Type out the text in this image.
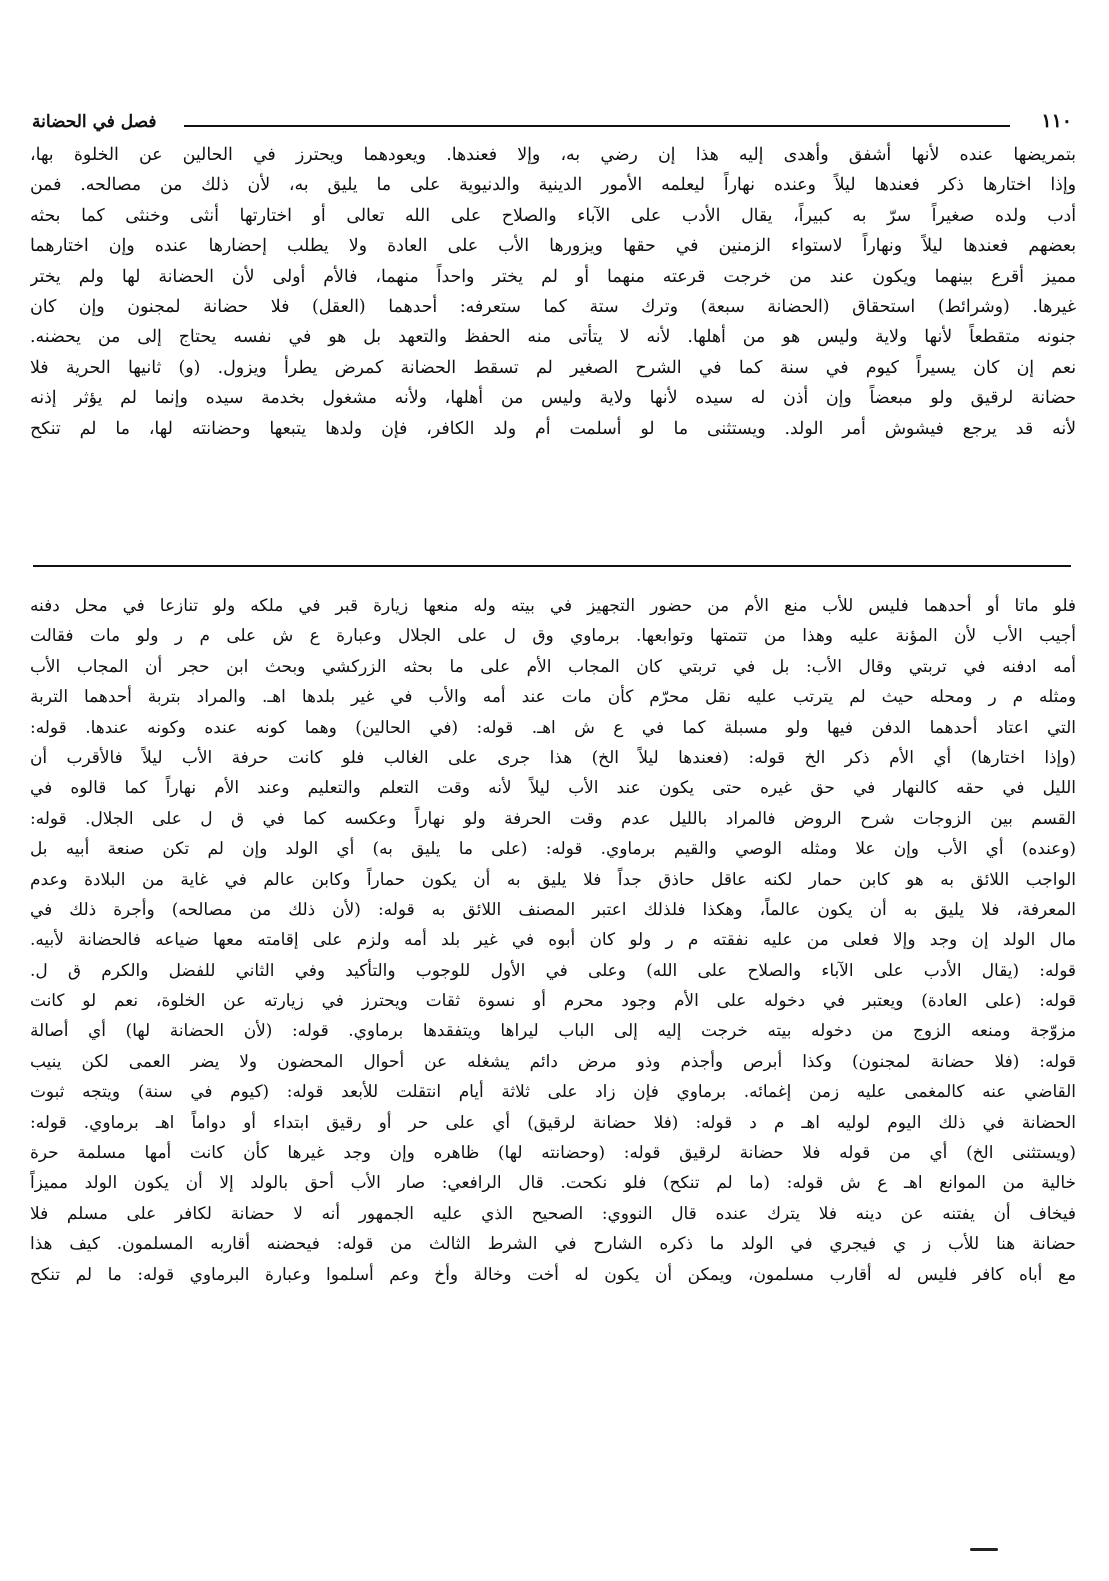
فصل في الحضانة	١١٠
بتمريضها عنده لأنها أشفق وأهدى إليه هذا إن رضي به، وإلا فعندها. ويعودهما ويحترز في الحالين عن الخلوة بها،
وإذا اختارها ذكر فعندها ليلاً وعنده نهاراً ليعلمه الأمور الدينية والدنيوية على ما يليق به، لأن ذلك من مصالحه. فمن
أدب ولده صغيراً سرّ به كبيراً، يقال الأدب على الآباء والصلاح على الله تعالى أو اختارتها أنثى وخنثى كما بحثه
بعضهم فعندها ليلاً ونهاراً لاستواء الزمنين في حقها ويزورها الأب على العادة ولا يطلب إحضارها عنده وإن اختارهما
مميز أقرع بينهما ويكون عند من خرجت قرعته منهما أو لم يختر واحداً منهما، فالأم أولى لأن الحضانة لها ولم يختر
غيرها. (وشرائط) استحقاق (الحضانة سبعة) وترك ستة كما ستعرفه: أحدهما (العقل) فلا حضانة لمجنون وإن كان
جنونه متقطعاً لأنها ولاية وليس هو من أهلها. لأنه لا يتأتى منه الحفظ والتعهد بل هو في نفسه يحتاج إلى من يحضنه.
نعم إن كان يسيراً كيوم في سنة كما في الشرح الصغير لم تسقط الحضانة كمرض يطرأ ويزول. (و) ثانيها الحرية فلا
حضانة لرقيق ولو مبعضاً وإن أذن له سيده لأنها ولاية وليس من أهلها، ولأنه مشغول بخدمة سيده وإنما لم يؤثر إذنه
لأنه قد يرجع فيشوش أمر الولد. ويستثنى ما لو أسلمت أم ولد الكافر، فإن ولدها يتبعها وحضانته لها، ما لم تنكح
فلو ماتا أو أحدهما فليس للأب منع الأم من حضور التجهيز في بيته وله منعها زيارة قبر في ملكه ولو تنازعا في محل دفنه
أجيب الأب لأن المؤنة عليه وهذا من تتمتها وتوابعها. برماوي وق ل على الجلال وعبارة ع ش على م ر ولو مات فقالت
أمه ادفنه في تربتي وقال الأب: بل في تربتي كان المجاب الأم على ما بحثه الزركشي وبحث ابن حجر أن المجاب الأب
ومثله م ر ومحله حيث لم يترتب عليه نقل محرّم كأن مات عند أمه والأب في غير بلدها اهـ. والمراد بتربة أحدهما التربة
التي اعتاد أحدهما الدفن فيها ولو مسبلة كما في ع ش اهـ. قوله: (في الحالين) وهما كونه عنده وكونه عندها. قوله:
(وإذا اختارها) أي الأم ذكر الخ قوله: (فعندها ليلاً الخ) هذا جرى على الغالب فلو كانت حرفة الأب ليلاً فالأقرب أن
الليل في حقه كالنهار في حق غيره حتى يكون عند الأب ليلاً لأنه وقت التعلم والتعليم وعند الأم نهاراً كما قالوه في
القسم بين الزوجات شرح الروض فالمراد بالليل عدم وقت الحرفة ولو نهاراً وعكسه كما في ق ل على الجلال. قوله:
(وعنده) أي الأب وإن علا ومثله الوصي والقيم برماوي. قوله: (على ما يليق به) أي الولد وإن لم تكن صنعة أبيه بل
الواجب اللائق به هو كابن حمار لكنه عاقل حاذق جداً فلا يليق به أن يكون حماراً وكابن عالم في غاية من البلادة وعدم
المعرفة، فلا يليق به أن يكون عالماً، وهكذا فلذلك اعتبر المصنف اللائق به قوله: (لأن ذلك من مصالحه) وأجرة ذلك في
مال الولد إن وجد وإلا فعلى من عليه نفقته م ر ولو كان أبوه في غير بلد أمه ولزم على إقامته معها ضياعه فالحضانة لأبيه.
قوله: (يقال الأدب على الآباء والصلاح على الله) وعلى في الأول للوجوب والتأكيد وفي الثاني للفضل والكرم ق ل.
قوله: (على العادة) ويعتبر في دخوله على الأم وجود محرم أو نسوة ثقات ويحترز في زيارته عن الخلوة، نعم لو كانت
مزوّجة ومنعه الزوج من دخوله بيته خرجت إليه إلى الباب ليراها ويتفقدها برماوي. قوله: (لأن الحضانة لها) أي أصالة
قوله: (فلا حضانة لمجنون) وكذا أبرص وأجذم وذو مرض دائم يشغله عن أحوال المحضون ولا يضر العمى لكن ينيب
القاضي عنه كالمغمى عليه زمن إغمائه. برماوي فإن زاد على ثلاثة أيام انتقلت للأبعد قوله: (كيوم في سنة) ويتجه ثبوت
الحضانة في ذلك اليوم لوليه اهـ م د قوله: (فلا حضانة لرقيق) أي على حر أو رقيق ابتداء أو دواماً اهـ برماوي. قوله:
(ويستثنى الخ) أي من قوله فلا حضانة لرقيق قوله: (وحضانته لها) ظاهره وإن وجد غيرها كأن كانت أمها مسلمة حرة
خالية من الموانع اهـ ع ش قوله: (ما لم تنكح) فلو نكحت. قال الرافعي: صار الأب أحق بالولد إلا أن يكون الولد مميزاً
فيخاف أن يفتنه عن دينه فلا يترك عنده قال النووي: الصحيح الذي عليه الجمهور أنه لا حضانة لكافر على مسلم فلا
حضانة هنا للأب ز ي فيجري في الولد ما ذكره الشارح في الشرط الثالث من قوله: فيحضنه أقاربه المسلمون. كيف هذا
مع أباه كافر فليس له أقارب مسلمون، ويمكن أن يكون له أخت وخالة وأخ وعم أسلموا وعبارة البرماوي قوله: ما لم تنكح
